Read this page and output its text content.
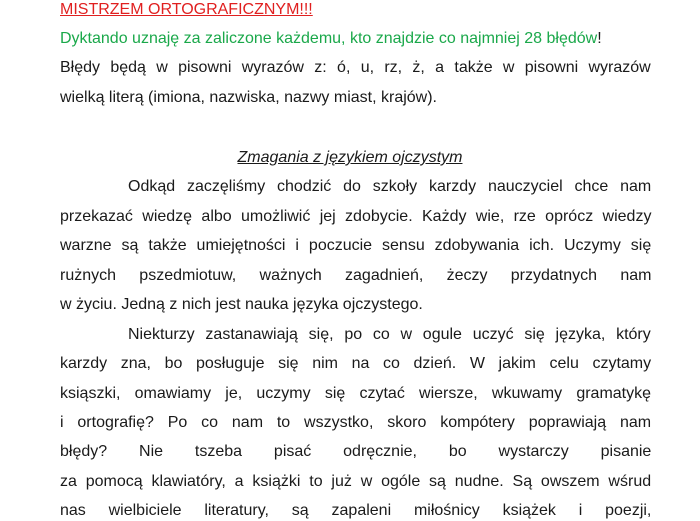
MISTRZEM ORTOGRAFICZNYM!!!
Dyktando uznaję za zaliczone każdemu, kto znajdzie co najmniej 28 błędów!
Błędy będą w pisowni wyrazów z: ó, u, rz, ż, a także w pisowni wyrazów
wielką literą (imiona, nazwiska, nazwy miast, krajów).
Zmagania z językiem ojczystym
Odkąd zaczęliśmy chodzić do szkoły karzdy nauczyciel chce nam
przekazać wiedzę albo umożliwić jej zdobycie. Każdy wie, rze oprócz wiedzy
warzne są także umiejętności i poczucie sensu zdobywania ich. Uczymy się
rużnych pszedmiotuw, ważnych zagadnień, żeczy przydatnych nam
w życiu. Jedną z nich jest nauka języka ojczystego.
Niekturzy zastanawiają się, po co w ogule uczyć się języka, który
karzdy zna, bo posługuje się nim na co dzień. W jakim celu czytamy
ksiąszki, omawiamy je, uczymy się czytać wiersze, wkuwamy gramatykę
i ortografię? Po co nam to wszystko, skoro kompótery poprawiają nam
błędy? Nie tszeba pisać odręcznie, bo wystarczy pisanie
za pomocą klawiatóry, a książki to już w ogóle są nudne. Są owszem wśrud
nas wielbiciele literatury, są zapaleni miłośnicy książek i poezji,
